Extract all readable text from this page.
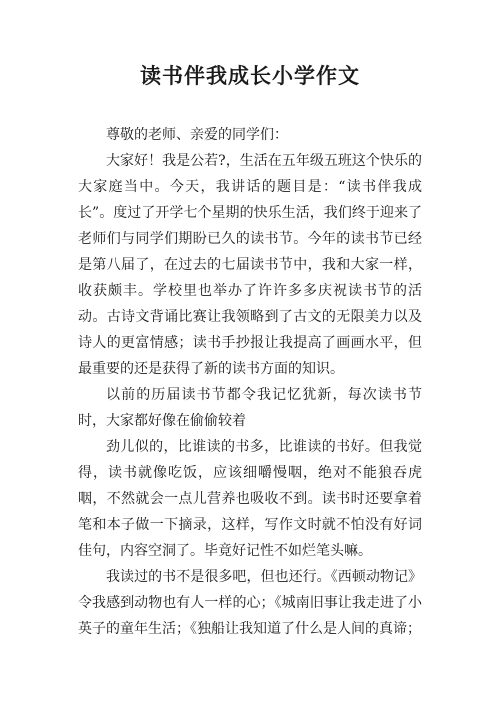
读书伴我成长小学作文

尊敬的老师、亲爱的同学们：

大家好！我是公若?，生活在五年级五班这个快乐的大家庭当中。今天，我讲话的题目是：“读书伴我成长”。度过了开学七个星期的快乐生活，我们终于迎来了老师们与同学们期盼已久的读书节。今年的读书节已经是第八届了，在过去的七届读书节中，我和大家一样，收获颇丰。学校里也举办了许许多多庆祝读书节的活动。古诗文背诵比赛让我领略到了古文的无限美力以及诗人的更富情感；读书手抄报让我提高了画画水平，但最重要的还是获得了新的读书方面的知识。

以前的历届读书节都令我记忆犹新，每次读书节时，大家都好像在偷偷较着

劲儿似的，比谁读的书多，比谁读的书好。但我觉得，读书就像吃饭，应该细嚼慢咽，绝对不能狼吞虎咽，不然就会一点儿营养也吸收不到。读书时还要拿着笔和本子做一下摘录，这样，写作文时就不怕没有好词佳句，内容空洞了。毕竟好记性不如烂笔头嘛。

我读过的书不是很多吧，但也还行。《西顿动物记》令我感到动物也有人一样的心；《城南旧事让我走进了小英子的童年生活；《独船让我知道了什么是人间的真谛；
